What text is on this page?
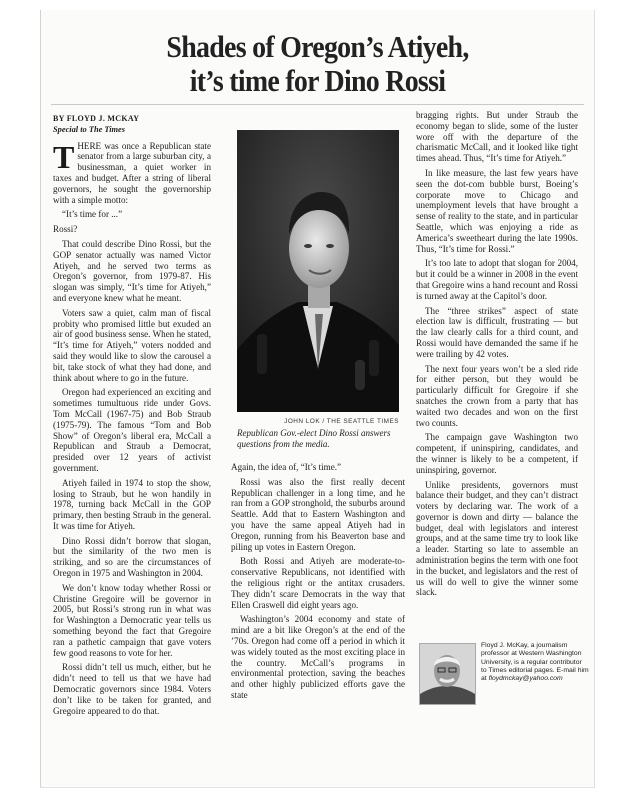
Shades of Oregon’s Atiyeh,
it’s time for Dino Rossi
BY FLOYD J. MCKAY
Special to The Times

THERE was once a Republican state senator from a large suburban city, a businessman, a quiet worker in taxes and budget. After a string of liberal governors, he sought the governorship with a simple motto:

“It’s time for ...”

Rossi?

That could describe Dino Rossi, but the GOP senator actually was named Victor Atiyeh, and he served two terms as Oregon’s governor, from 1979-87. His slogan was simply, “It’s time for Atiyeh,” and everyone knew what he meant.

Voters saw a quiet, calm man of fiscal probity who promised little but exuded an air of good business sense. When he stated, “It’s time for Atiyeh,” voters nodded and said they would like to slow the carousel a bit, take stock of what they had done, and think about where to go in the future.

Oregon had experienced an exciting and sometimes tumultuous ride under Govs. Tom McCall (1967-75) and Bob Straub (1975-79). The famous “Tom and Bob Show” of Oregon’s liberal era, McCall a Republican and Straub a Democrat, presided over 12 years of activist government.

Atiyeh failed in 1974 to stop the show, losing to Straub, but he won handily in 1978, turning back McCall in the GOP primary, then besting Straub in the general. It was time for Atiyeh.

Dino Rossi didn’t borrow that slogan, but the similarity of the two men is striking, and so are the circumstances of Oregon in 1975 and Washington in 2004.

We don’t know today whether Rossi or Christine Gregoire will be governor in 2005, but Rossi’s strong run in what was for Washington a Democratic year tells us something beyond the fact that Gregoire ran a pathetic campaign that gave voters few good reasons to vote for her.

Rossi didn’t tell us much, either, but he didn’t need to tell us that we have had Democratic governors since 1984. Voters don’t like to be taken for granted, and Gregoire appeared to do that.

JOHN LOK / THE SEATTLE TIMES
Republican Gov.-elect Dino Rossi answers questions from the media.

Again, the idea of, “It’s time.”

Rossi was also the first really decent Republican challenger in a long time, and he ran from a GOP stronghold, the suburbs around Seattle. Add that to Eastern Washington and you have the same appeal Atiyeh had in Oregon, running from his Beaverton base and piling up votes in Eastern Oregon.

Both Rossi and Atiyeh are moderate-to-conservative Republicans, not identified with the religious right or the antitax crusaders. They didn’t scare Democrats in the way that Ellen Craswell did eight years ago.

Washington’s 2004 economy and state of mind are a bit like Oregon’s at the end of the ’70s. Oregon had come off a period in which it was widely touted as the most exciting place in the country. McCall’s programs in environmental protection, saving the beaches and other highly publicized efforts gave the state

bragging rights. But under Straub the economy began to slide, some of the luster wore off with the departure of the charismatic McCall, and it looked like tight times ahead. Thus, “It’s time for Atiyeh.”

In like measure, the last few years have seen the dot-com bubble burst, Boeing’s corporate move to Chicago and unemployment levels that have brought a sense of reality to the state, and in particular Seattle, which was enjoying a ride as America’s sweetheart during the late 1990s. Thus, “It’s time for Rossi.”

It’s too late to adopt that slogan for 2004, but it could be a winner in 2008 in the event that Gregoire wins a hand recount and Rossi is turned away at the Capitol’s door.

The “three strikes” aspect of state election law is difficult, frustrating — but the law clearly calls for a third count, and Rossi would have demanded the same if he were trailing by 42 votes.

The next four years won’t be a sled ride for either person, but they would be particularly difficult for Gregoire if she snatches the crown from a party that has waited two decades and won on the first two counts.

The campaign gave Washington two competent, if uninspiring, candidates, and the winner is likely to be a competent, if uninspiring, governor.

Unlike presidents, governors must balance their budget, and they can’t distract voters by declaring war. The work of a governor is down and dirty — balance the budget, deal with legislators and interest groups, and at the same time try to look like a leader. Starting so late to assemble an administration begins the term with one foot in the bucket, and legislators and the rest of us will do well to give the winner some slack.

Floyd J. McKay, a journalism professor at Western Washington University, is a regular contributor to Times editorial pages. E-mail him at floydmckay@yahoo.com
